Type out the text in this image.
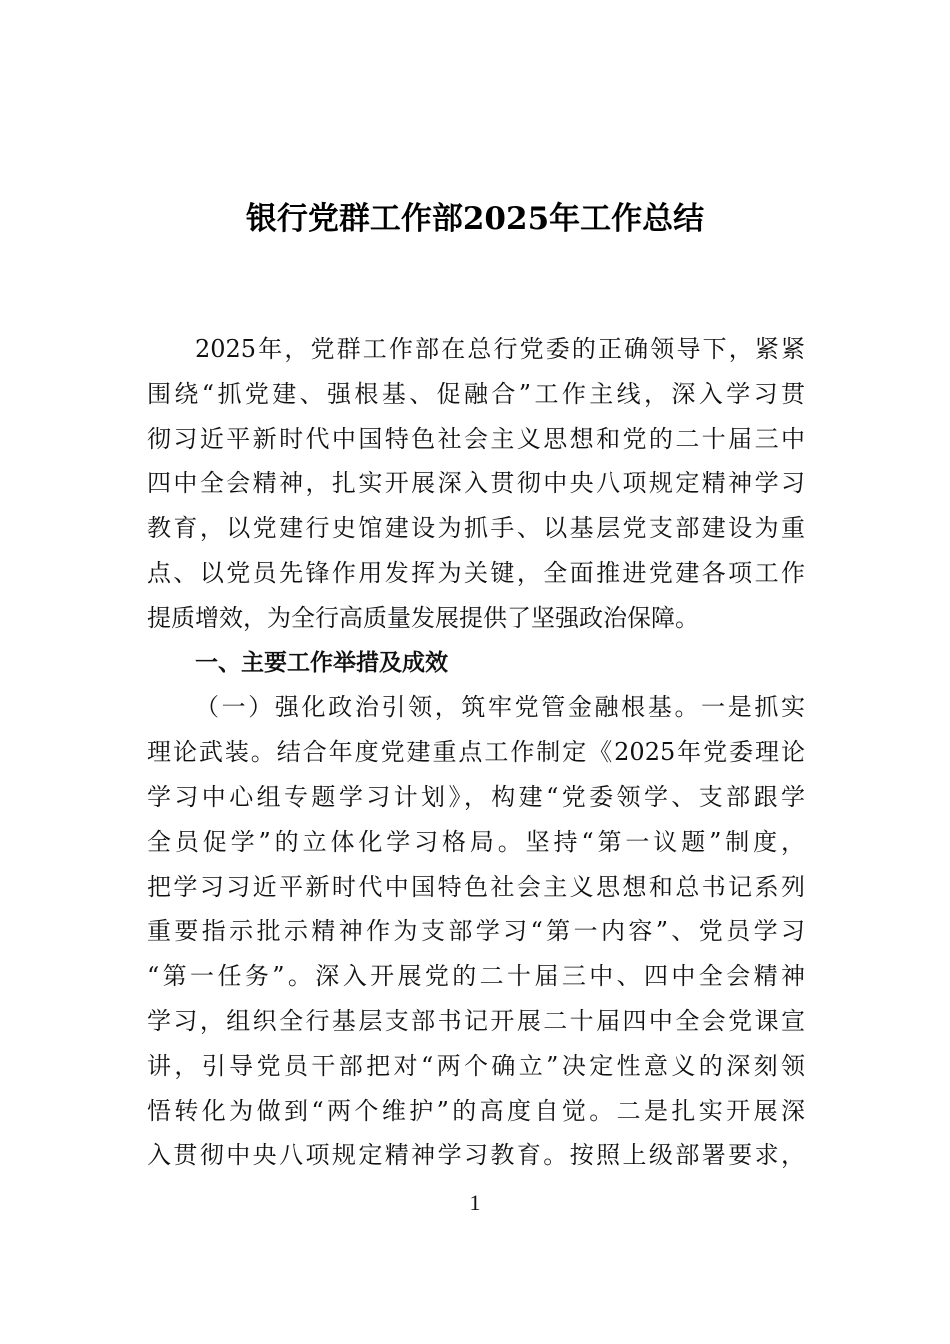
银行党群工作部2025年工作总结
2025年，党群工作部在总行党委的正确领导下，紧紧
围绕“抓党建、强根基、促融合”工作主线，深入学习贯
彻习近平新时代中国特色社会主义思想和党的二十届三中
四中全会精神，扎实开展深入贯彻中央八项规定精神学习
教育，以党建行史馆建设为抓手、以基层党支部建设为重
点、以党员先锋作用发挥为关键，全面推进党建各项工作
提质增效，为全行高质量发展提供了坚强政治保障。
一、主要工作举措及成效
（一）强化政治引领，筑牢党管金融根基。一是抓实
理论武装。结合年度党建重点工作制定《2025年党委理论
学习中心组专题学习计划》，构建“党委领学、支部跟学
全员促学”的立体化学习格局。坚持“第一议题”制度，
把学习习近平新时代中国特色社会主义思想和总书记系列
重要指示批示精神作为支部学习“第一内容”、党员学习
“第一任务”。深入开展党的二十届三中、四中全会精神
学习，组织全行基层支部书记开展二十届四中全会党课宣
讲，引导党员干部把对“两个确立”决定性意义的深刻领
悟转化为做到“两个维护”的高度自觉。二是扎实开展深
入贯彻中央八项规定精神学习教育。按照上级部署要求，
1
